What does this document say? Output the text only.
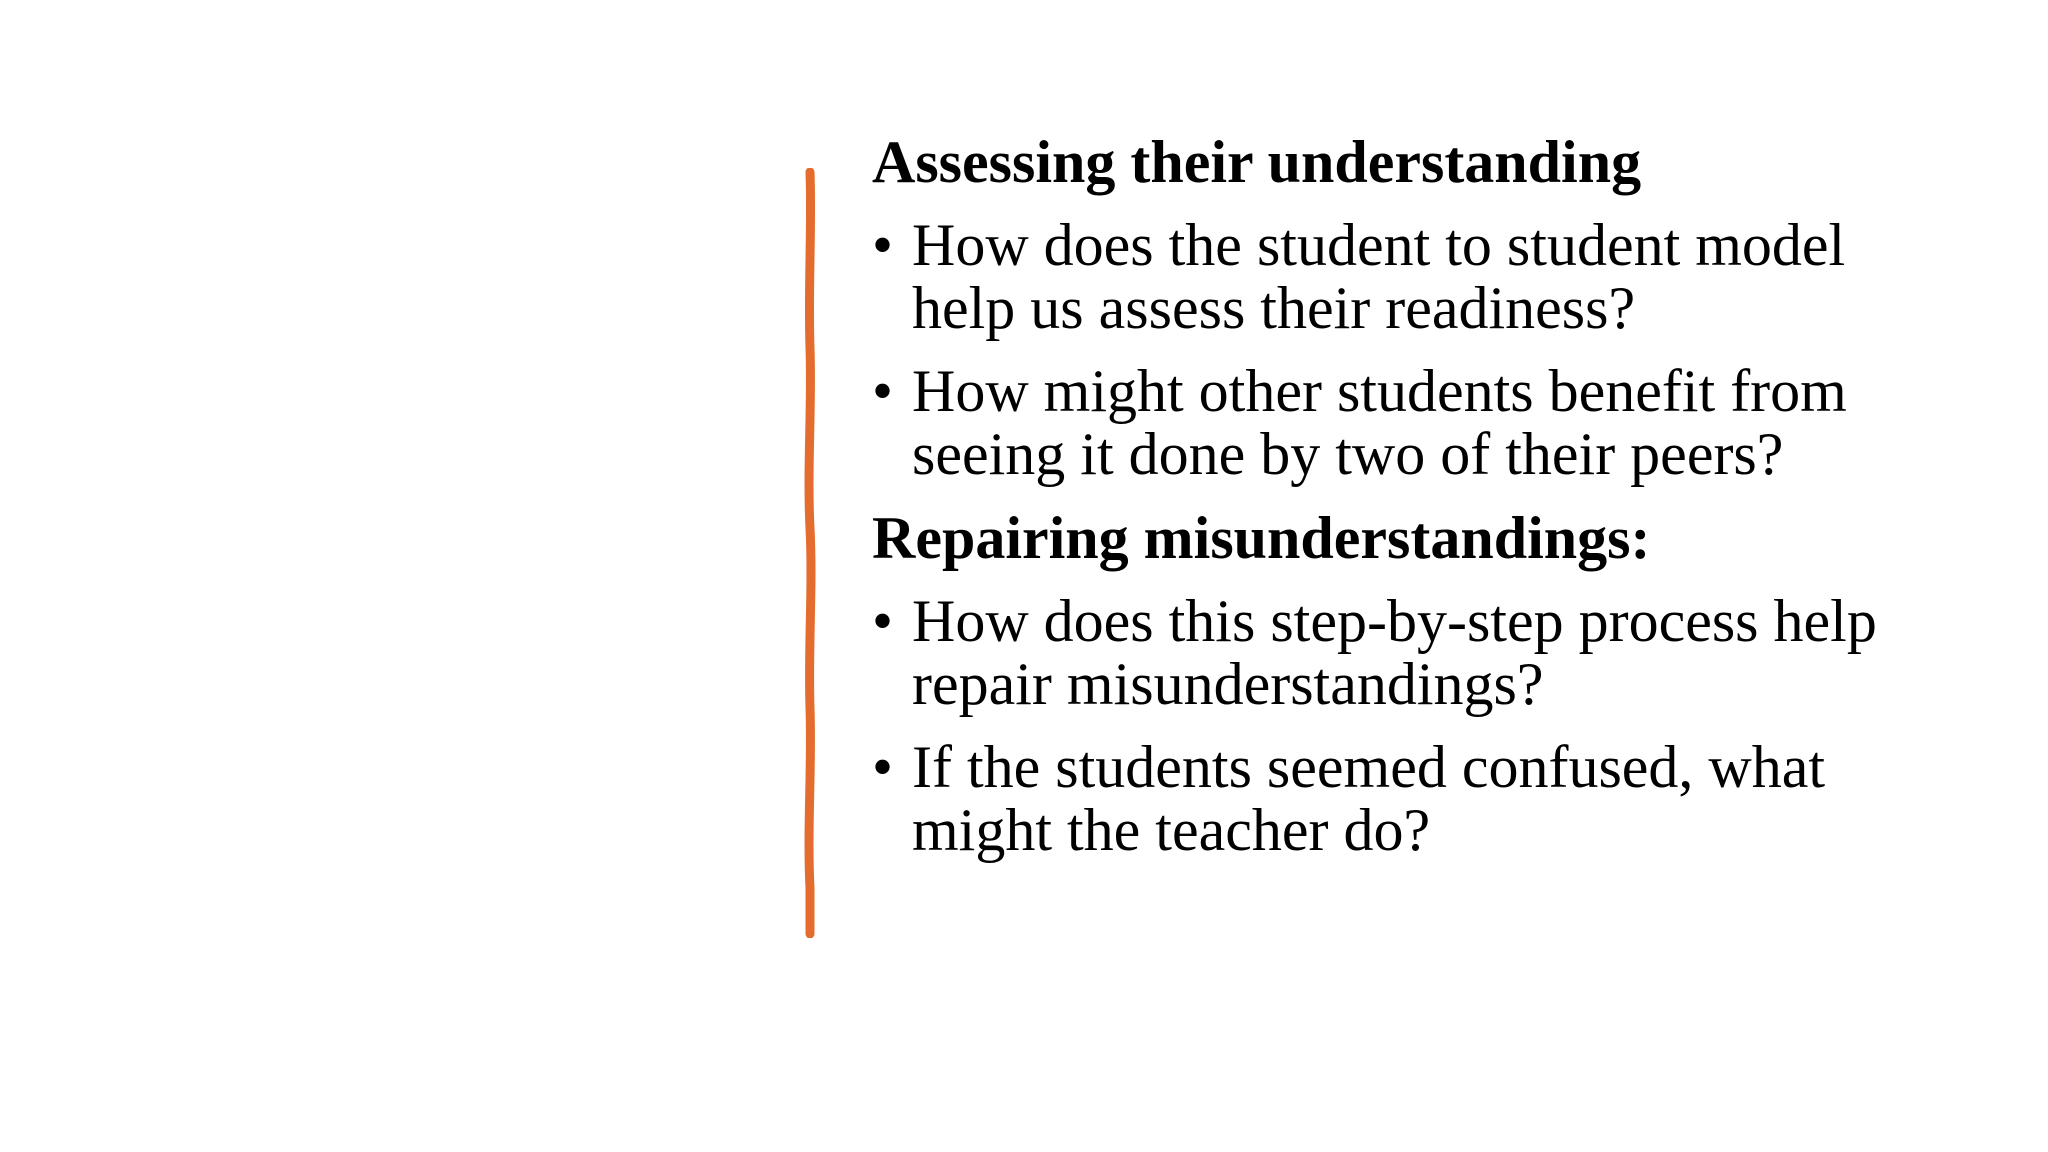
Assessing their understanding
• How does the student to student model help us assess their readiness?
• How might other students benefit from seeing it done by two of their peers?
Repairing misunderstandings:
• How does this step-by-step process help repair misunderstandings?
• If the students seemed confused, what might the teacher do?
